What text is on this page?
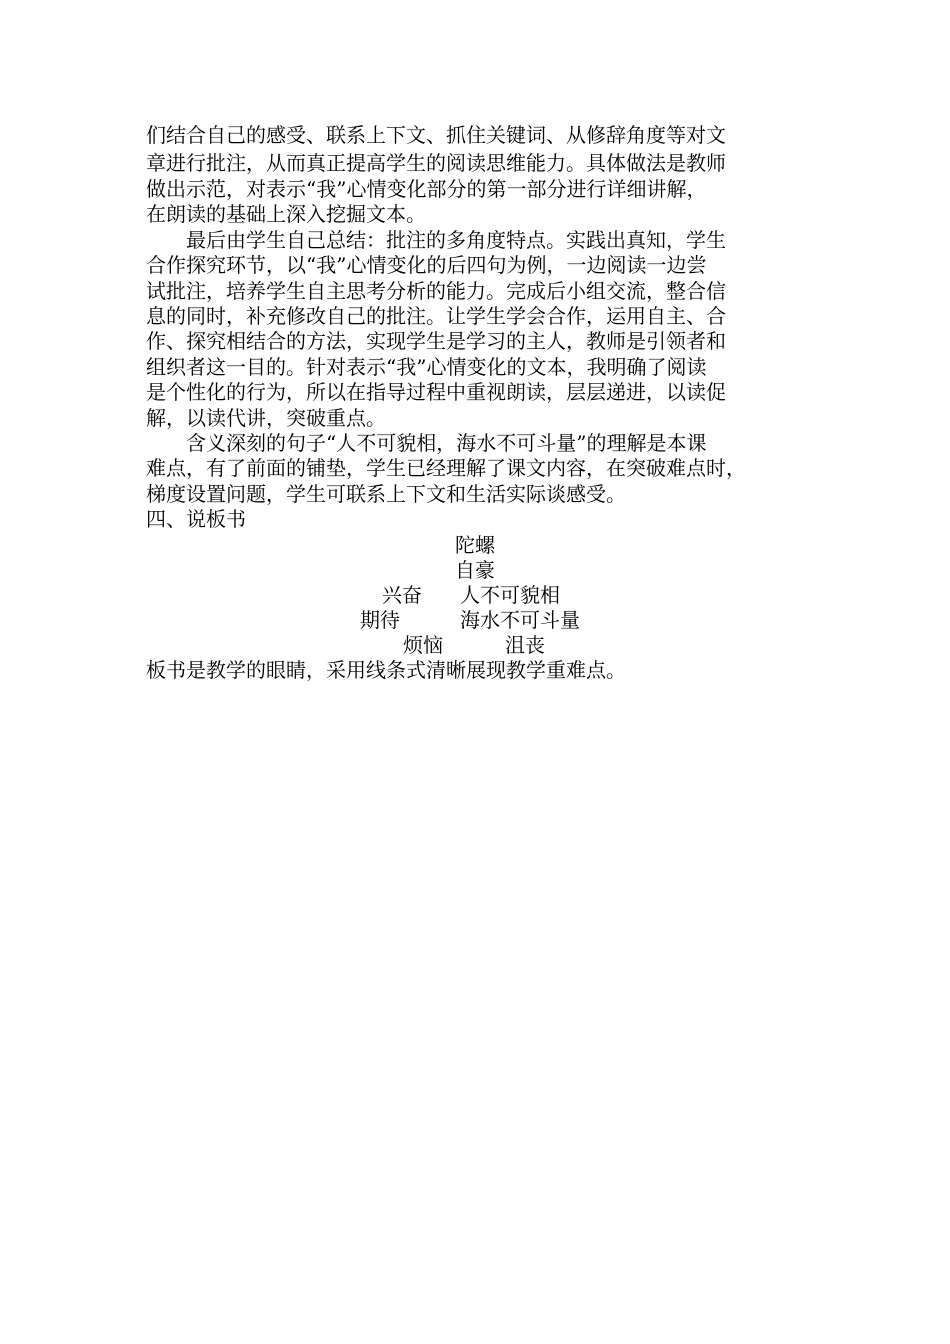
们结合自己的感受、联系上下文、抓住关键词、从修辞角度等对文
章进行批注，从而真正提高学生的阅读思维能力。具体做法是教师
做出示范，对表示“我”心情变化部分的第一部分进行详细讲解，
在朗读的基础上深入挖掘文本。
　　最后由学生自己总结：批注的多角度特点。实践出真知，学生
合作探究环节，以“我”心情变化的后四句为例，一边阅读一边尝
试批注，培养学生自主思考分析的能力。完成后小组交流，整合信
息的同时，补充修改自己的批注。让学生学会合作，运用自主、合
作、探究相结合的方法，实现学生是学习的主人，教师是引领者和
组织者这一目的。针对表示“我”心情变化的文本，我明确了阅读
是个性化的行为，所以在指导过程中重视朗读，层层递进，以读促
解，以读代讲，突破重点。
　　含义深刻的句子“人不可貌相，海水不可斗量”的理解是本课
难点，有了前面的铺垫，学生已经理解了课文内容，在突破难点时，
梯度设置问题，学生可联系上下文和生活实际谈感受。
四、说板书
陀螺
自豪
兴奋 人不可貌相
期待	海水不可斗量
烦恼	沮丧
板书是教学的眼睛，采用线条式清晰展现教学重难点。
